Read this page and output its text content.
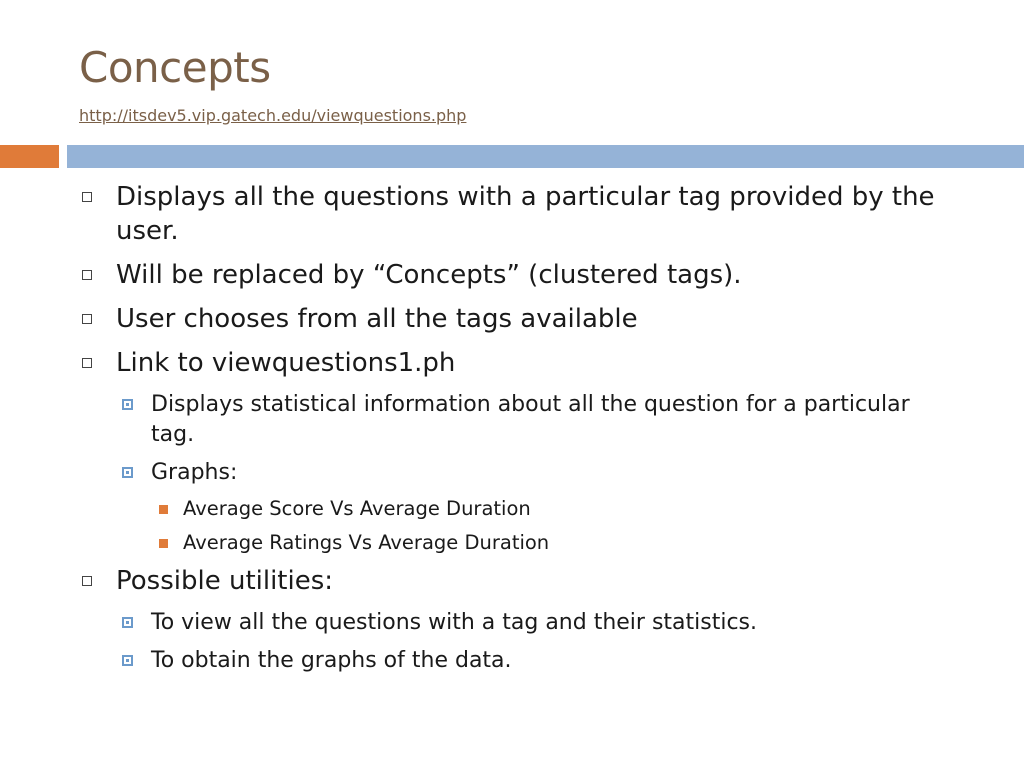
Concepts
http://itsdev5.vip.gatech.edu/viewquestions.php
Displays all the questions with a particular tag provided by the user.
Will be replaced by “Concepts” (clustered tags).
User chooses from all the tags available
Link to viewquestions1.ph
Displays statistical information about all the question for a particular tag.
Graphs:
Average Score Vs Average Duration
Average Ratings Vs Average Duration
Possible utilities:
To view all the questions with a tag and their statistics.
To obtain the graphs of the data.
